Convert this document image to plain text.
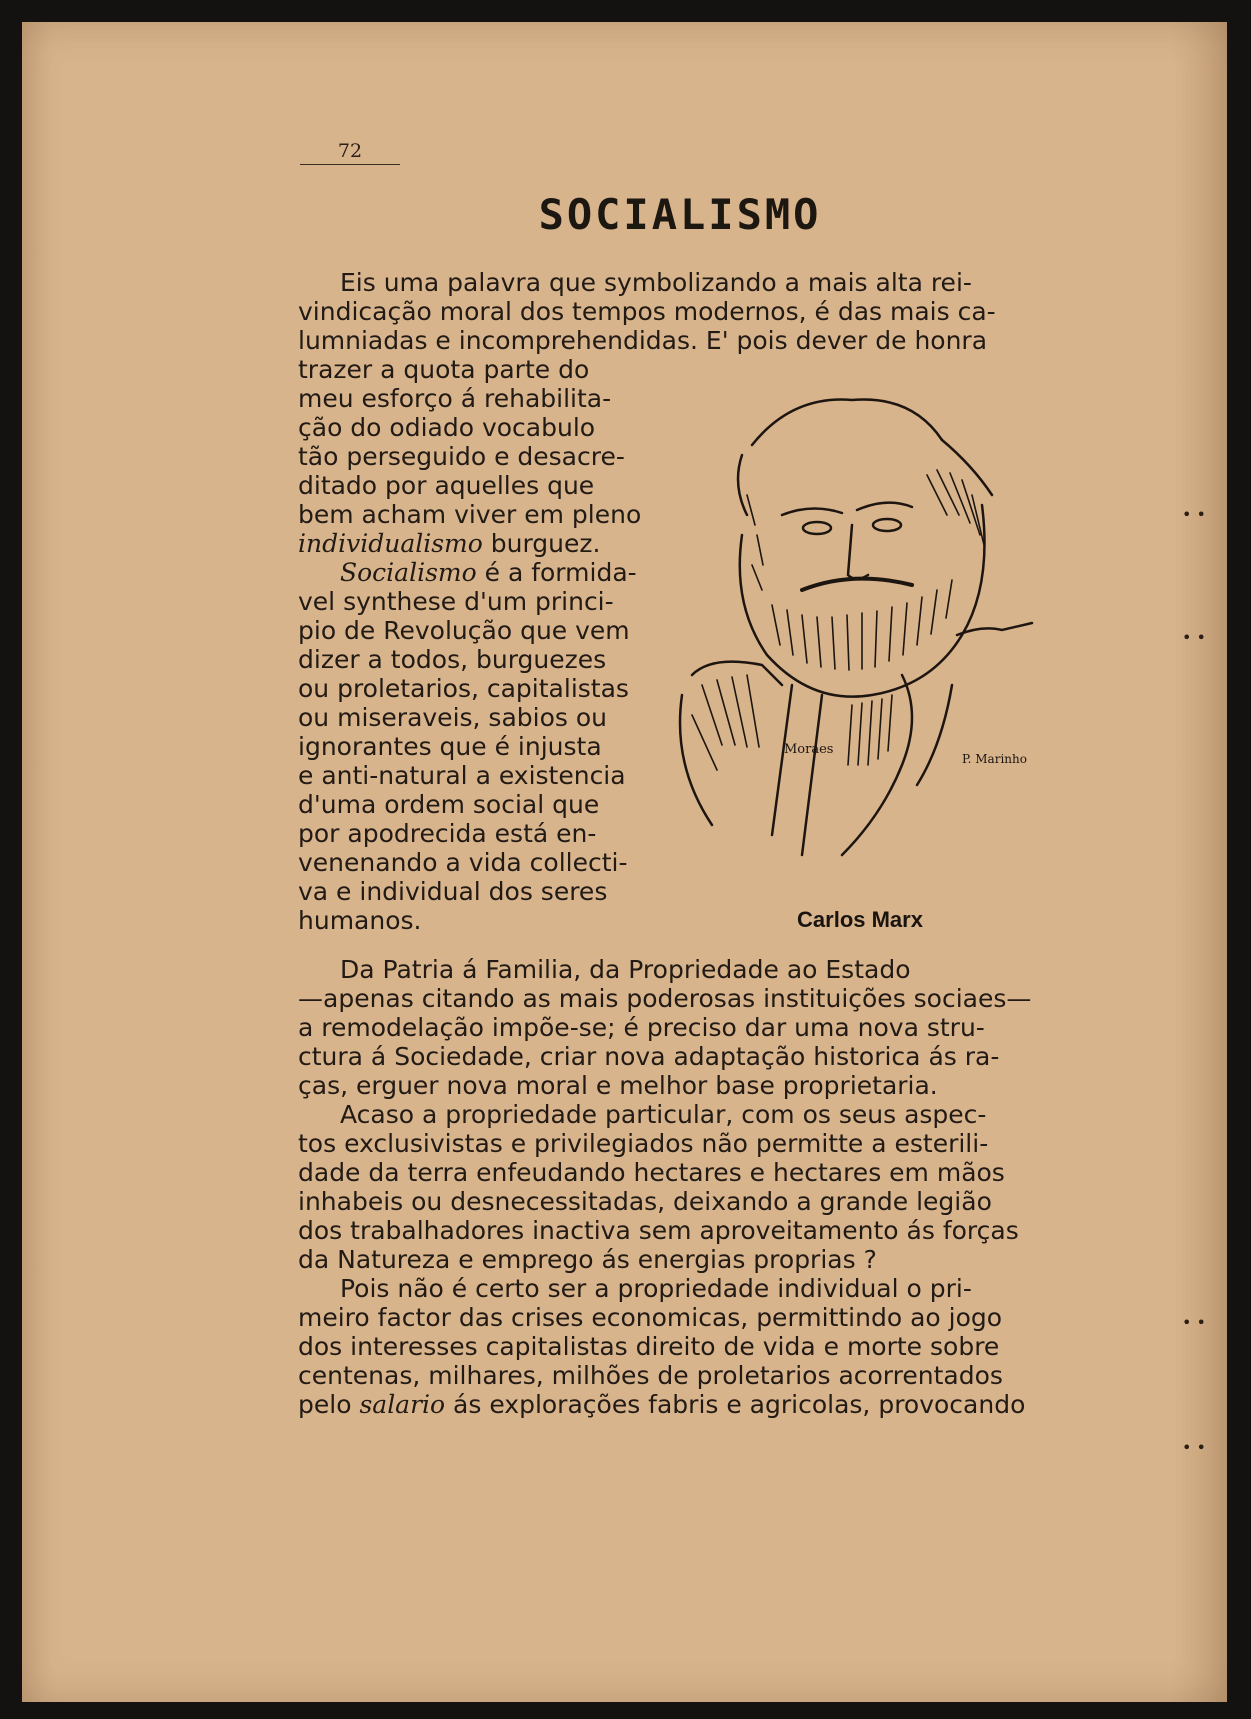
72
SOCIALISMO
Eis uma palavra que symbolizando a mais alta rei-
vindicação moral dos tempos modernos, é das mais ca-
lumniadas e incomprehendidas. E' pois dever de honra
trazer a quota parte do
meu esforço á rehabilita-
ção do odiado vocabulo
tão perseguido e desacre-
ditado por aquelles que
bem acham viver em pleno
individualismo burguez.
Socialismo é a formida-
vel synthese d'um princi-
pio de Revolução que vem
dizer a todos, burguezes
ou proletarios, capitalistas
ou miseraveis, sabios ou
ignorantes que é injusta
e anti-natural a existencia
d'uma ordem social que
por apodrecida está en-
venenando a vida collecti-
va e individual dos seres
humanos.
Moraes
P. Marinho
Carlos Marx
Da Patria á Familia, da Propriedade ao Estado
—apenas citando as mais poderosas instituições sociaes—
a remodelação impõe-se; é preciso dar uma nova stru-
ctura á Sociedade, criar nova adaptação historica ás ra-
ças, erguer nova moral e melhor base proprietaria.
Acaso a propriedade particular, com os seus aspec-
tos exclusivistas e privilegiados não permitte a esterili-
dade da terra enfeudando hectares e hectares em mãos
inhabeis ou desnecessitadas, deixando a grande legião
dos trabalhadores inactiva sem aproveitamento ás forças
da Natureza e emprego ás energias proprias ?
Pois não é certo ser a propriedade individual o pri-
meiro factor das crises economicas, permittindo ao jogo
dos interesses capitalistas direito de vida e morte sobre
centenas, milhares, milhões de proletarios acorrentados
pelo salario ás explorações fabris e agricolas, provocando
• •
• •
• •
• •
